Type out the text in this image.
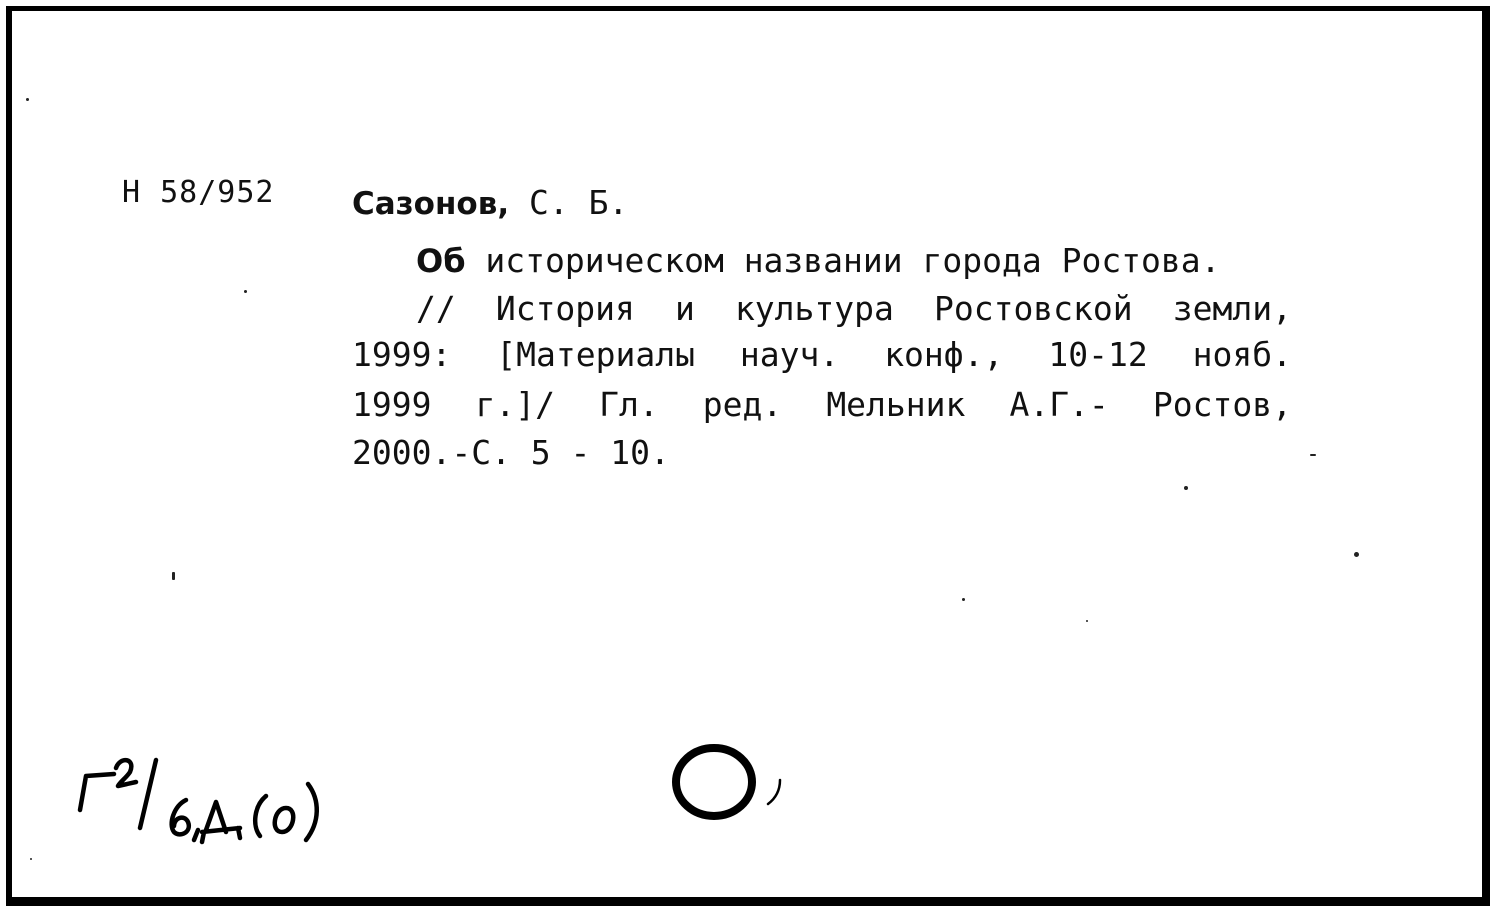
Н 58/952	Сазонов, С. Б.
Об историческом названии города Ростова.
// История и культура Ростовской земли,
1999: [Материалы науч. конф., 10-12 нояб.
1999 г.]/ Гл. ред. Мельник А.Г.- Ростов,
2000.-С. 5 - 10.
